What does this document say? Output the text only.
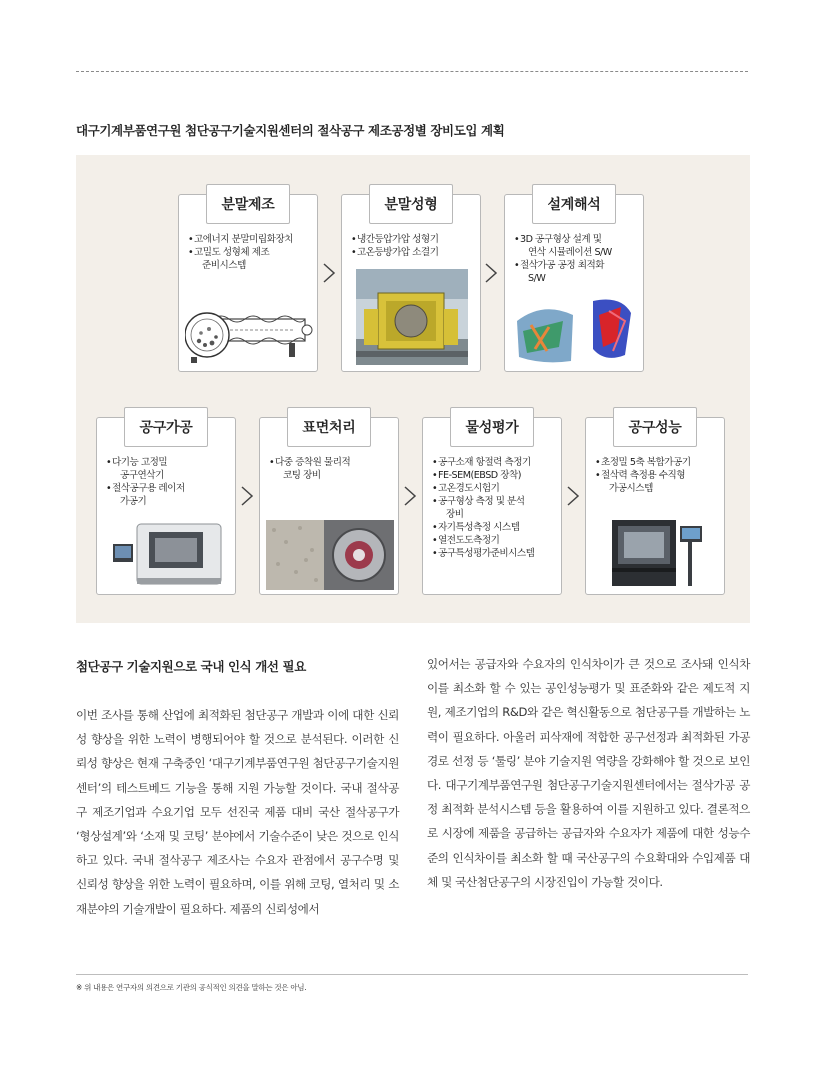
대구기계부품연구원 첨단공구기술지원센터의 절삭공구 제조공정별 장비도입 계획
분말제조
• 고에너지 분말미립화장치
• 고밀도 성형체 제조
준비시스템
분말성형
• 냉간등압가압 성형기
• 고온등방가압 소결기
설계해석
• 3D 공구형상 설계 및
연삭 시뮬레이션 S/W
• 절삭가공 공정 최적화
S/W
공구가공
• 다기능 고정밀
공구연삭기
• 절삭공구용 레이저
가공기
표면처리
• 다중 증착원 물리적
코팅 장비
물성평가
• 공구소재 항절력 측정기
• FE-SEM(EBSD 장착)
• 고온경도시험기
• 공구형상 측정 및 분석
장비
• 자기특성측정 시스템
• 열전도도측정기
• 공구특성평가준비시스템
공구성능
• 초정밀 5축 복합가공기
• 절삭력 측정용 수직형
가공시스템
첨단공구 기술지원으로 국내 인식 개선 필요

이번 조사를 통해 산업에 최적화된 첨단공구 개발과 이에 대한 신뢰성 향상을 위한 노력이 병행되어야 할 것으로 분석된다. 이러한 신뢰성 향상은 현재 구축중인 ‘대구기계부품연구원 첨단공구기술지원센터’의 테스트베드 기능을 통해 지원 가능할 것이다. 국내 절삭공구 제조기업과 수요기업 모두 선진국 제품 대비 국산 절삭공구가 ‘형상설계’와 ‘소재 및 코팅’ 분야에서 기술수준이 낮은 것으로 인식하고 있다. 국내 절삭공구 제조사는 수요자 관점에서 공구수명 및 신뢰성 향상을 위한 노력이 필요하며, 이를 위해 코팅, 열처리 및 소재분야의 기술개발이 필요하다. 제품의 신뢰성에서

있어서는 공급자와 수요자의 인식차이가 큰 것으로 조사돼 인식차이를 최소화 할 수 있는 공인성능평가 및 표준화와 같은 제도적 지원, 제조기업의 R&D와 같은 혁신활동으로 첨단공구를 개발하는 노력이 필요하다. 아울러 피삭재에 적합한 공구선정과 최적화된 가공경로 선정 등 ‘툴링’ 분야 기술지원 역량을 강화해야 할 것으로 보인다. 대구기계부품연구원 첨단공구기술지원센터에서는 절삭가공 공정 최적화 분석시스템 등을 활용하여 이를 지원하고 있다. 결론적으로 시장에 제품을 공급하는 공급자와 수요자가 제품에 대한 성능수준의 인식차이를 최소화 할 때 국산공구의 수요확대와 수입제품 대체 및 국산첨단공구의 시장진입이 가능할 것이다.

※ 위 내용은 연구자의 의견으로 기관의 공식적인 의견을 말하는 것은 아님.
